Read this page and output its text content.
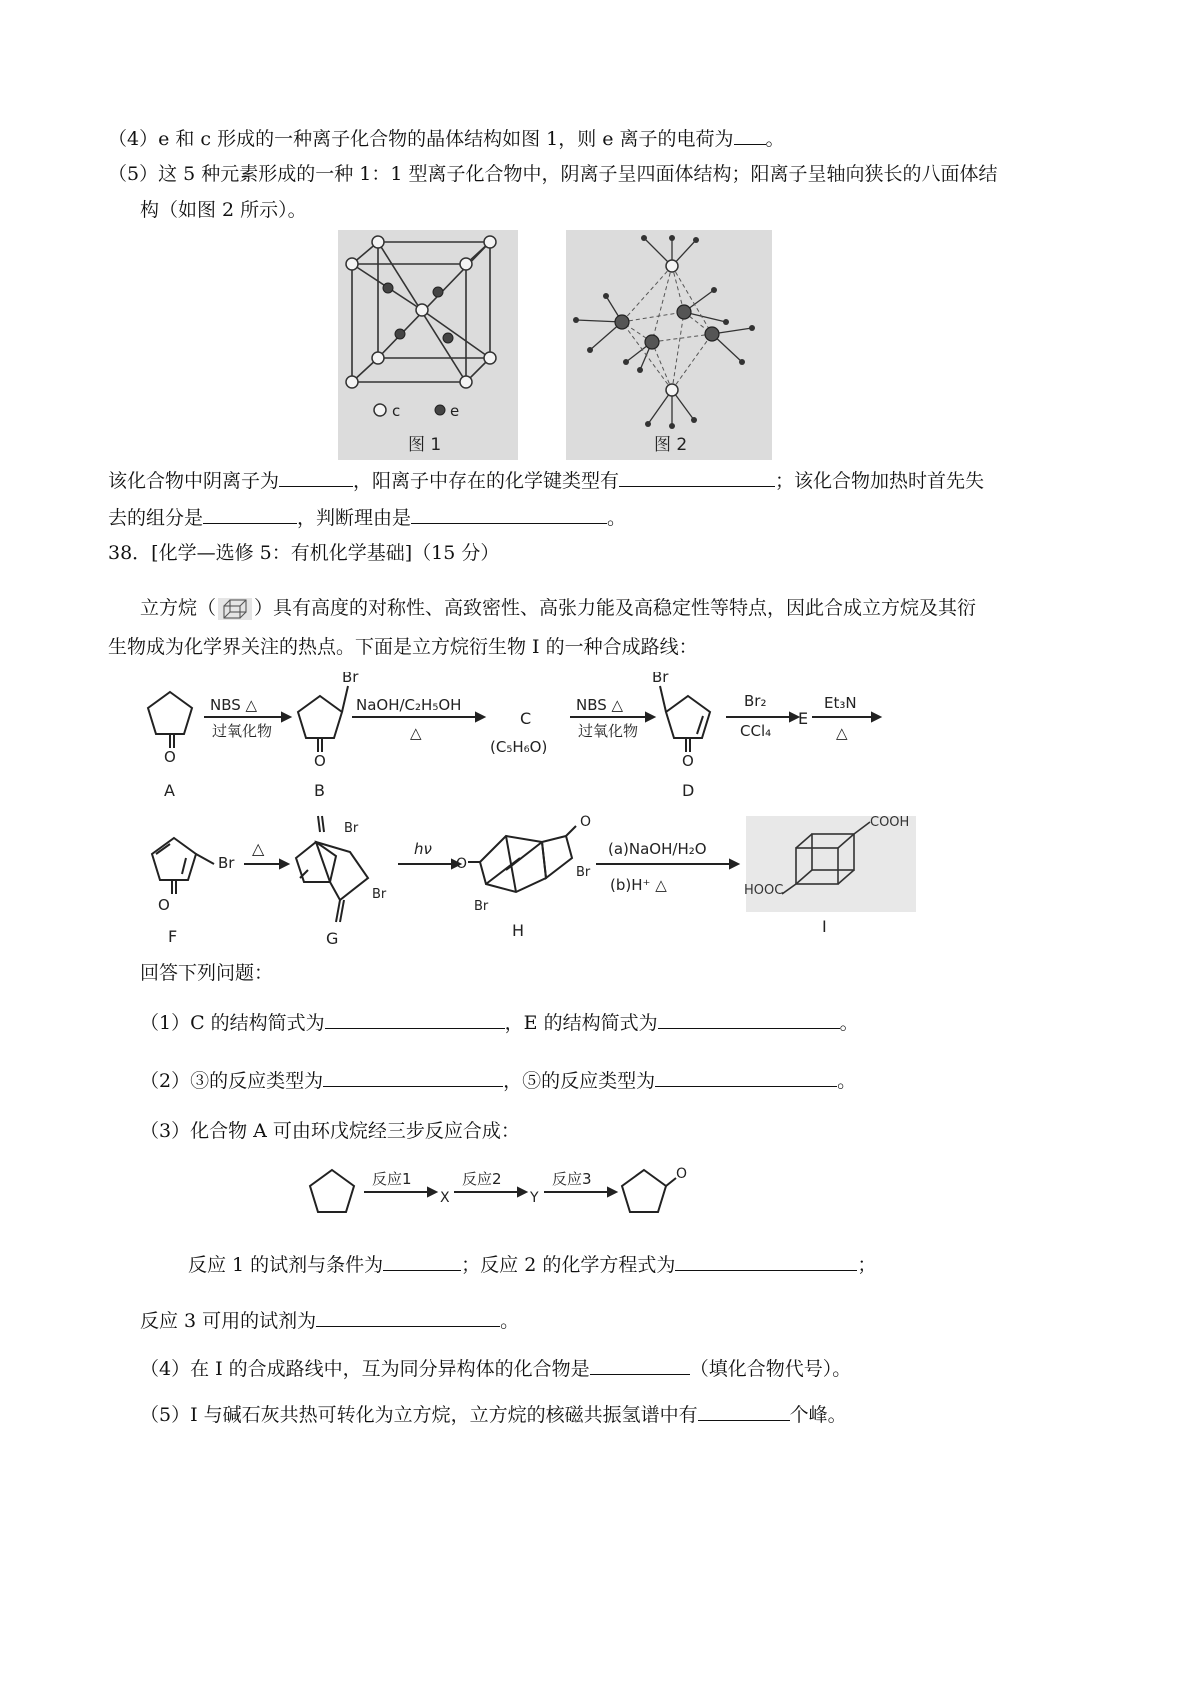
（4）e 和 c 形成的一种离子化合物的晶体结构如图 1，则 e 离子的电荷为 。
（5）这 5 种元素形成的一种 1：1 型离子化合物中，阴离子呈四面体结构；阳离子呈轴向狭长的八面体结
构（如图 2 所示）。
c	e
图 1	图 2
该化合物中阴离子为	，阳离子中存在的化学键类型有	；该化合物加热时首先失
去的组分是	，判断理由是	。
38．[化学—选修 5：有机化学基础]（15 分）
立方烷（ ）具有高度的对称性、高致密性、高张力能及高稳定性等特点，因此合成立方烷及其衍
生物成为化学界关注的热点。下面是立方烷衍生物 I 的一种合成路线：
O
A
NBS △
过氧化物
Br
O
B
NaOH/C₂H₅OH
△
C
(C₅H₆O)
NBS △
过氧化物
Br
O
D
Br₂
CCl₄
E
Et₃N
△
O
Br
F
△
Br
Br
G
hν
O
Br
Br
O
H
(a)NaOH/H₂O
(b)H⁺ △
COOH
HOOC
I
回答下列问题：
（1）C 的结构简式为	，E 的结构简式为	。
（2）③的反应类型为	，⑤的反应类型为	。
（3）化合物 A 可由环戊烷经三步反应合成：
反应1
X
反应2
Y
反应3	O
反应 1 的试剂与条件为	；反应 2 的化学方程式为	；
反应 3 可用的试剂为	。
（4）在 I 的合成路线中，互为同分异构体的化合物是	（填化合物代号）。
（5）I 与碱石灰共热可转化为立方烷，立方烷的核磁共振氢谱中有	个峰。
